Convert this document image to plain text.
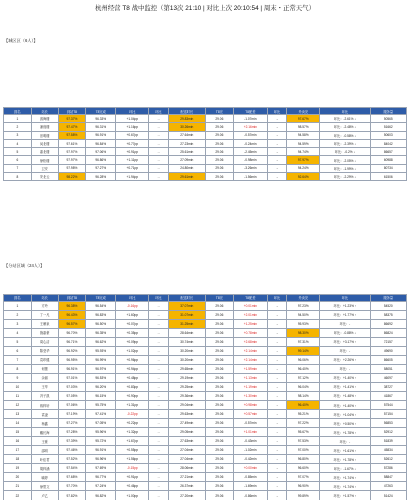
杭州经营 T8 战中监控（第13次 21:10 | 对比上次 20:10:54 | 周末・正常天气）
【城区区（6人）】
排名	站长	到站T8	T8完成	环比	环比	配送时长	T8完	T8配差	环比	外卖完	环比	服务量
1	滨海楼	97.37%	96.33%	+1.04pp	→	29.83min	29.06	-1.07min	→	97.67%	环比：-2.61% ↓	50565
2	浦庭楼	97.47%	96.31%	+1.16pp	→	30.26min	29.06	+2.16min	→	98.57%	环比：-2.48% ↓	51662
3	崇明楼	97.58%	96.91%	+0.67pp	→	27.64min	29.06	-0.57min	→	94.58%	环比：-0.58% ↓	50603
4	闵北楼	97.61%	96.84%	+0.77pp	→	27.23min	29.06	-0.24min	→	94.59%	环比：-2.39% ↓	84042
5	嘉北楼	97.97%	97.06%	+0.91pp	→	25.61min	29.06	-2.45min	→	94.74%	环比：-0.2% ↓	86657
6	徐松楼	97.97%	96.86%	+1.11pp	→	27.09min	29.06	-0.98min	→	97.97%	环比：-2.05% ↓	60988
7	卫安	97.98%	97.27%	+0.71pp	→	24.80min	29.06	-3.26min	→	94.24%	环比：-1.99% ↓	80734
8	安北云	98.22%	96.28%	+1.94pp	→	29.61min	29.06	-1.56min	→	92.64%	环比：-2.29% ↓	61506
【分站区域（24人）】
排名	站长	到站T8	T8完成	环比	环比	配送时长	T8完	T8配差	环比	外卖完	环比	服务量
1	方玲	96.38%	96.54%	-0.16pp	→	37.07min	29.06	+0.01min	→	97.23%	环比：+1.23% ↑	54520
2	丁一凡	96.43%	96.83%	+1.60pp	→	31.07min	29.06	+2.01min	→	94.50%	环比：+1.77% ↑	58375
3	王雁泉	96.57%	96.50%	+0.07pp	→	31.25min	29.06	+1.25min	→	95.93%	环比：-	86692
4	施嘉豪	96.70%	96.35%	+0.35pp	→	28.64min	29.06	+0.78min	→	98.30%	环比：-0.88% ↓	86824
5	周心洁	96.71%	96.62%	+0.09pp	→	30.74min	29.06	+2.68min	→	97.31%	环比：+3.17% ↑	72157
6	陈莹华	96.92%	95.93%	+1.02pp	→	30.20min	29.06	+2.14min	→	99.14%	环比：-	49690
7	袁印健	96.95%	96.99%	+0.96pp	→	30.20min	29.06	+2.14min	→	96.06%	环比：+2.26% ↑	86605
8	何蕾	96.91%	96.97%	+0.94pp	→	29.65min	29.06	+1.59min	→	96.40%	环比：-	58051
9	余丽	97.01%	96.53%	+0.48pp	→	29.19min	29.06	+1.13min	→	97.12%	环比：+1.40% ↑	46097
10	王华	97.03%	96.20%	+0.83pp	→	29.25min	29.06	+1.19min	→	96.04%	环比：+1.41% ↑	38727
11	冯子凯	97.05%	96.15%	+0.90pp	→	29.36min	29.06	+1.30min	→	98.14%	环比：+1.48% ↑	41867
12	蒋梓轩	97.06%	95.75%	+1.31pp	→	29.04min	29.06	+0.98min	→	96.40%	环比：+1.40% ↑	57544
13	袁凌	97.19%	97.41%	-0.22pp	→	29.63min	29.06	+0.57min	→	95.21%	环比：+1.04% ↑	57154
14	杨鑫	97.27%	97.05%	+0.22pp	→	27.49min	29.06	-0.57min	→	97.22%	环比：+0.50% ↑	56853
15	戴长海	97.28%	95.96%	+1.32pp	→	29.05min	29.06	+1.01min	→	95.67%	环比：+1.78% ↑	52912
16	王豪	97.39%	95.72%	+1.67pp	→	27.63min	29.06	-0.43min	→	97.53%	环比：-	51839
17	邵明	97.46%	96.91%	+0.55pp	→	27.04min	29.06	-1.02min	→	97.00%	环比：+1.61% ↑	45834
18	叶佳君	97.52%	96.96%	+1.56pp	→	27.04min	29.06	-0.42min	→	96.80%	环比：+1.78% ↑	52612
19	胡梓涵	97.54%	97.69%	-0.15pp	→	28.06min	29.06	+0.00min	→	96.60%	环比：-1.67% ↓	57286
20	喻婷	97.68%	96.77%	+0.91pp	→	27.21min	29.06	-0.85min	→	97.07%	环比：+1.74% ↑	58847
21	徐思文	97.70%	97.24%	+0.46pp	→	26.37min	29.06	-1.69min	→	96.90%	环比：+1.74% ↑	47263
22	卢乙	97.82%	96.82%	+1.00pp	→	27.20min	29.06	-0.86min	→	99.89%	环比：+1.57% ↑	51424
